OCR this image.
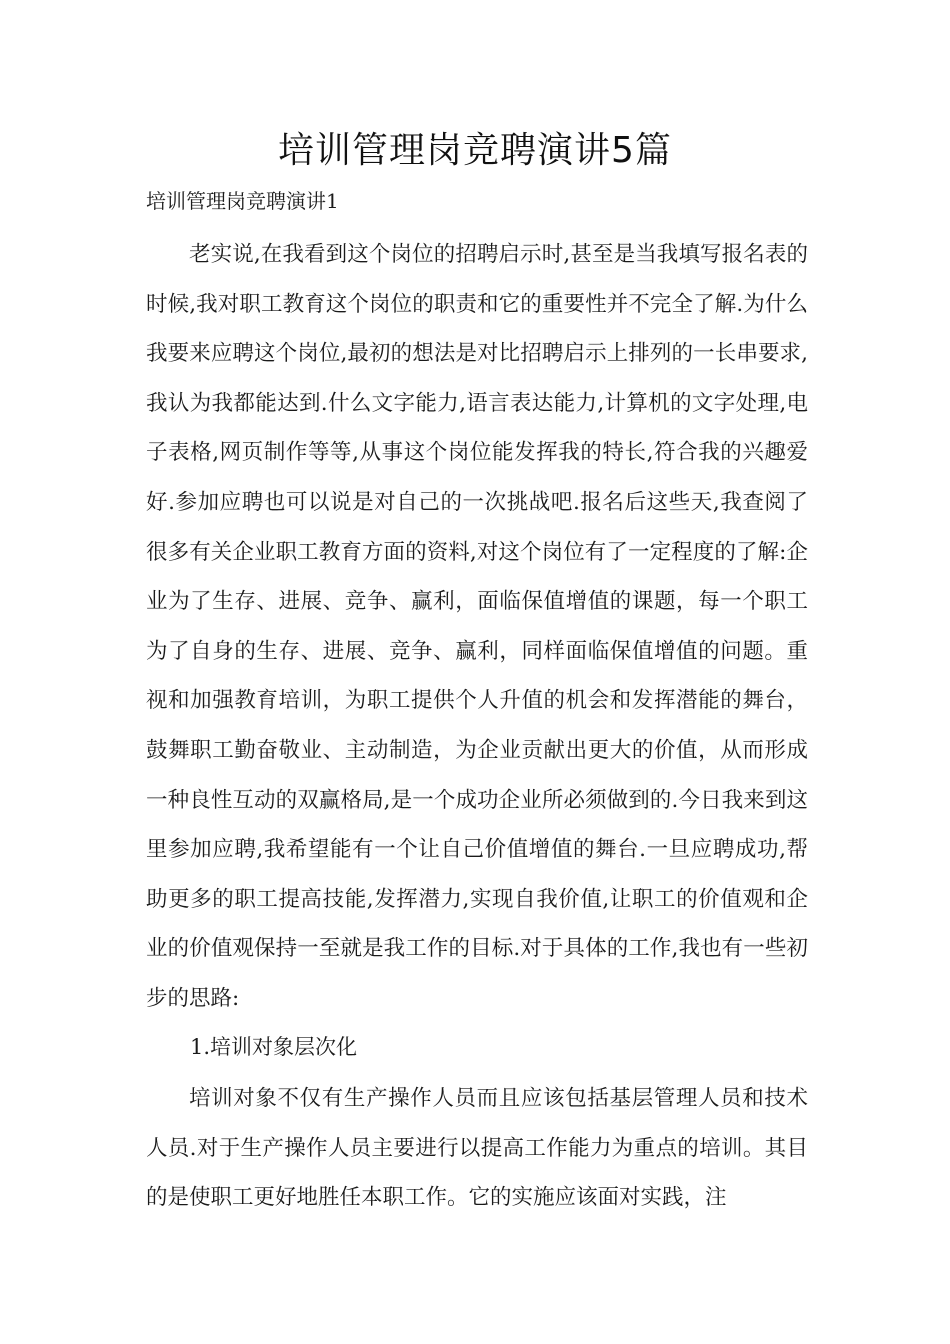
培训管理岗竞聘演讲5篇
培训管理岗竞聘演讲1

老实说,在我看到这个岗位的招聘启示时,甚至是当我填写报名表的时候,我对职工教育这个岗位的职责和它的重要性并不完全了解.为什么我要来应聘这个岗位,最初的想法是对比招聘启示上排列的一长串要求,我认为我都能达到.什么文字能力,语言表达能力,计算机的文字处理,电子表格,网页制作等等,从事这个岗位能发挥我的特长,符合我的兴趣爱好.参加应聘也可以说是对自己的一次挑战吧.报名后这些天,我查阅了很多有关企业职工教育方面的资料,对这个岗位有了一定程度的了解:企业为了生存、进展、竞争、赢利，面临保值增值的课题，每一个职工为了自身的生存、进展、竞争、赢利，同样面临保值增值的问题。重视和加强教育培训，为职工提供个人升值的机会和发挥潜能的舞台，鼓舞职工勤奋敬业、主动制造，为企业贡献出更大的价值，从而形成一种良性互动的双赢格局,是一个成功企业所必须做到的.今日我来到这里参加应聘,我希望能有一个让自己价值增值的舞台.一旦应聘成功,帮助更多的职工提高技能,发挥潜力,实现自我价值,让职工的价值观和企业的价值观保持一至就是我工作的目标.对于具体的工作,我也有一些初步的思路:

1.培训对象层次化

培训对象不仅有生产操作人员而且应该包括基层管理人员和技术人员.对于生产操作人员主要进行以提高工作能力为重点的培训。其目的是使职工更好地胜任本职工作。它的实施应该面对实践，注
